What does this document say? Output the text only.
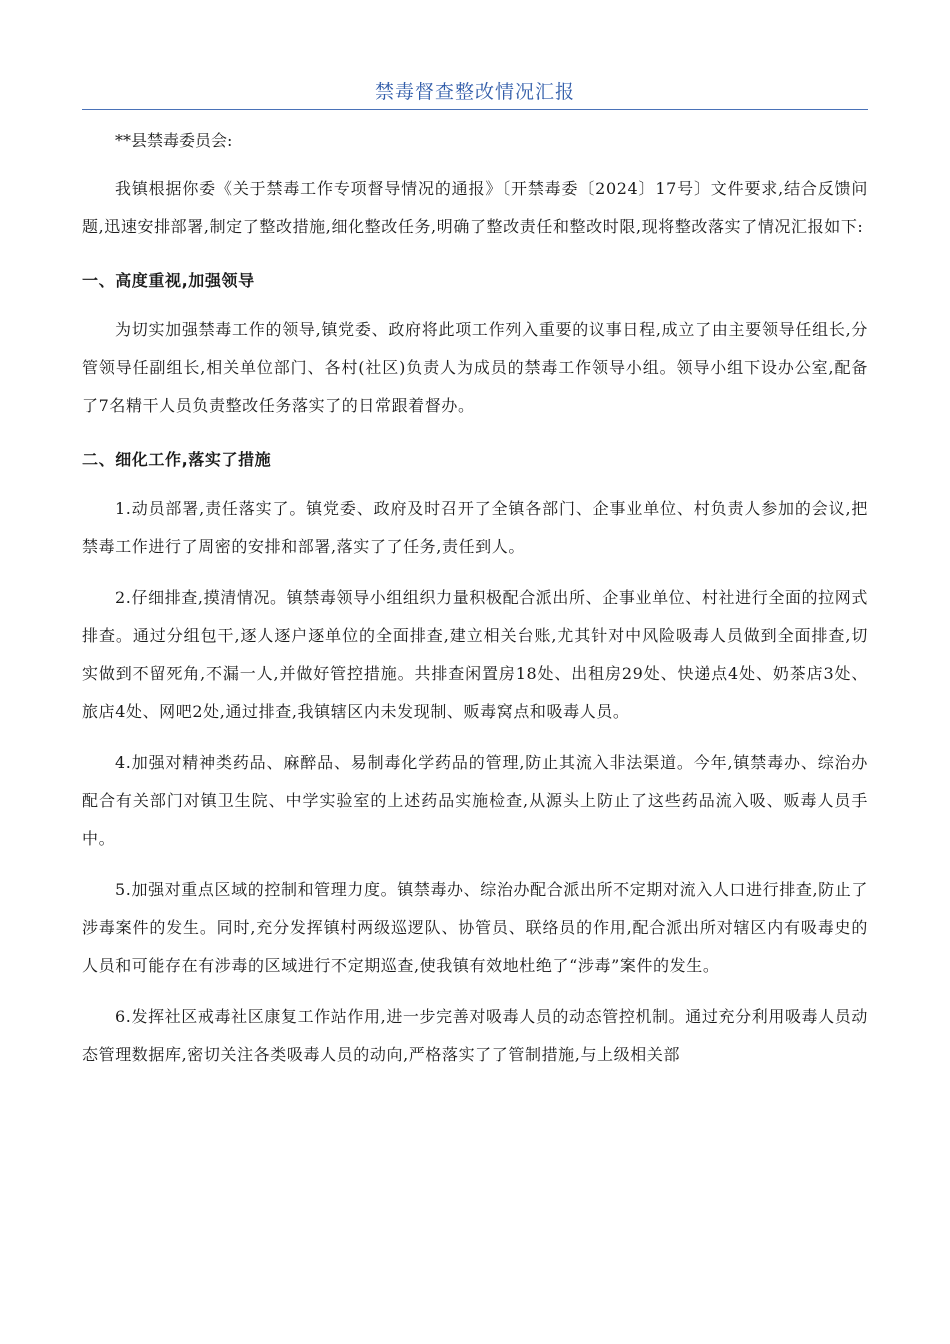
禁毒督查整改情况汇报
**县禁毒委员会:

我镇根据你委《关于禁毒工作专项督导情况的通报》〔开禁毒委〔2024〕17号〕文件要求,结合反馈问题,迅速安排部署,制定了整改措施,细化整改任务,明确了整改责任和整改时限,现将整改落实了情况汇报如下:

一、高度重视,加强领导

为切实加强禁毒工作的领导,镇党委、政府将此项工作列入重要的议事日程,成立了由主要领导任组长,分管领导任副组长,相关单位部门、各村(社区)负责人为成员的禁毒工作领导小组。领导小组下设办公室,配备了7名精干人员负责整改任务落实了的日常跟着督办。

二、细化工作,落实了措施

1.动员部署,责任落实了。镇党委、政府及时召开了全镇各部门、企事业单位、村负责人参加的会议,把禁毒工作进行了周密的安排和部署,落实了了任务,责任到人。

2.仔细排查,摸清情况。镇禁毒领导小组组织力量积极配合派出所、企事业单位、村社进行全面的拉网式排查。通过分组包干,逐人逐户逐单位的全面排查,建立相关台账,尤其针对中风险吸毒人员做到全面排查,切实做到不留死角,不漏一人,并做好管控措施。共排查闲置房18处、出租房29处、快递点4处、奶茶店3处、旅店4处、网吧2处,通过排查,我镇辖区内未发现制、贩毒窝点和吸毒人员。

4.加强对精神类药品、麻醉品、易制毒化学药品的管理,防止其流入非法渠道。今年,镇禁毒办、综治办配合有关部门对镇卫生院、中学实验室的上述药品实施检查,从源头上防止了这些药品流入吸、贩毒人员手中。

5.加强对重点区域的控制和管理力度。镇禁毒办、综治办配合派出所不定期对流入人口进行排查,防止了涉毒案件的发生。同时,充分发挥镇村两级巡逻队、协管员、联络员的作用,配合派出所对辖区内有吸毒史的人员和可能存在有涉毒的区域进行不定期巡查,使我镇有效地杜绝了“涉毒”案件的发生。

6.发挥社区戒毒社区康复工作站作用,进一步完善对吸毒人员的动态管控机制。通过充分利用吸毒人员动态管理数据库,密切关注各类吸毒人员的动向,严格落实了了管制措施,与上级相关部
